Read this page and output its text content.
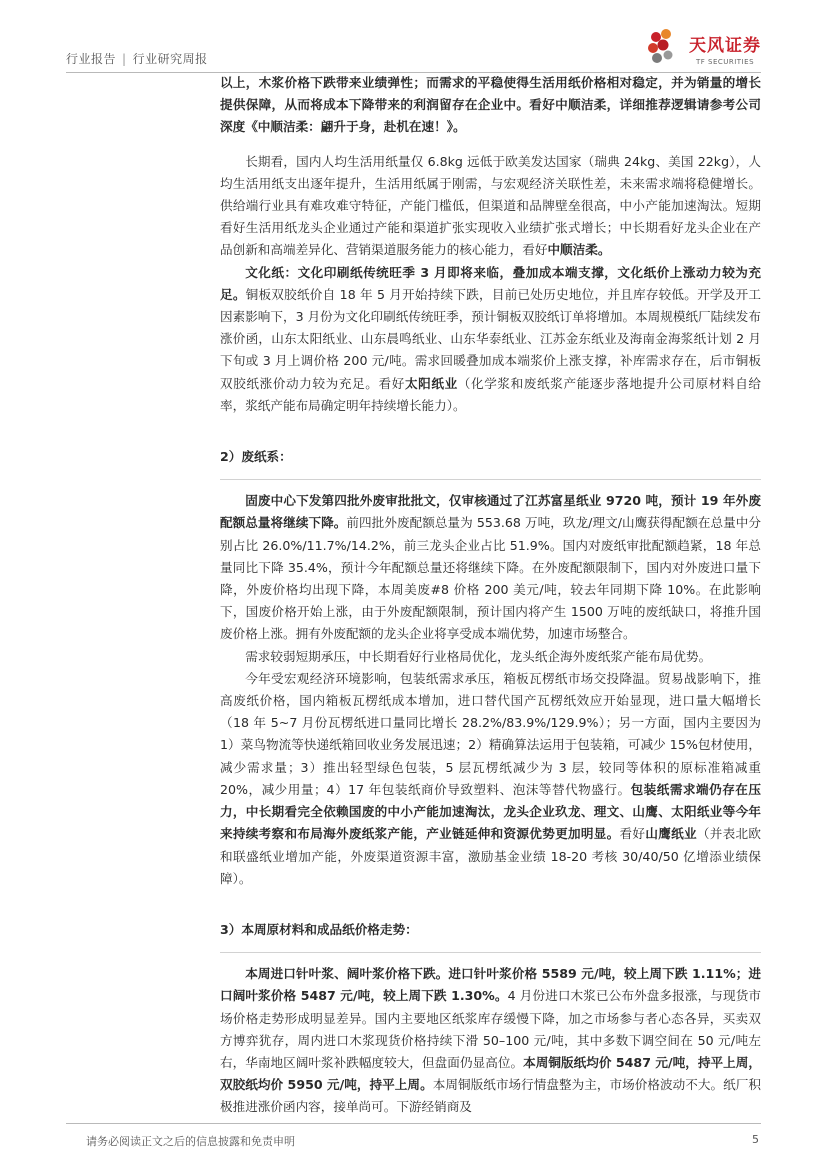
行业报告 | 行业研究周报
天风证券
TF SECURITIES

以上，木浆价格下跌带来业绩弹性；而需求的平稳使得生活用纸价格相对稳定，并为销量的增长提供保障，从而将成本下降带来的利润留存在企业中。看好中顺洁柔，详细推荐逻辑请参考公司深度《中顺洁柔：翩升于身，赴机在速！》。

长期看，国内人均生活用纸量仅 6.8kg 远低于欧美发达国家（瑞典 24kg、美国 22kg），人均生活用纸支出逐年提升，生活用纸属于刚需，与宏观经济关联性差，未来需求端将稳健增长。供给端行业具有难攻难守特征，产能门槛低，但渠道和品牌壁垒很高，中小产能加速淘汰。短期看好生活用纸龙头企业通过产能和渠道扩张实现收入业绩扩张式增长；中长期看好龙头企业在产品创新和高端差异化、营销渠道服务能力的核心能力，看好中顺洁柔。

文化纸：文化印刷纸传统旺季 3 月即将来临，叠加成本端支撑，文化纸价上涨动力较为充足。铜板双胶纸价自 18 年 5 月开始持续下跌，目前已处历史地位，并且库存较低。开学及开工因素影响下，3 月份为文化印刷纸传统旺季，预计铜板双胶纸订单将增加。本周规模纸厂陆续发布涨价函，山东太阳纸业、山东晨鸣纸业、山东华泰纸业、江苏金东纸业及海南金海浆纸计划 2 月下旬或 3 月上调价格 200 元/吨。需求回暖叠加成本端浆价上涨支撑，补库需求存在，后市铜板双胶纸涨价动力较为充足。看好太阳纸业（化学浆和废纸浆产能逐步落地提升公司原材料自给率，浆纸产能布局确定明年持续增长能力）。

2）废纸系：

固废中心下发第四批外废审批批文，仅审核通过了江苏富星纸业 9720 吨，预计 19 年外废配额总量将继续下降。前四批外废配额总量为 553.68 万吨，玖龙/理文/山鹰获得配额在总量中分别占比 26.0%/11.7%/14.2%，前三龙头企业占比 51.9%。国内对废纸审批配额趋紧，18 年总量同比下降 35.4%，预计今年配额总量还将继续下降。在外废配额限制下，国内对外废进口量下降，外废价格均出现下降，本周美废#8 价格 200 美元/吨，较去年同期下降 10%。在此影响下，国废价格开始上涨，由于外废配额限制，预计国内将产生 1500 万吨的废纸缺口，将推升国废价格上涨。拥有外废配额的龙头企业将享受成本端优势，加速市场整合。

需求较弱短期承压，中长期看好行业格局优化，龙头纸企海外废纸浆产能布局优势。

今年受宏观经济环境影响，包装纸需求承压，箱板瓦楞纸市场交投降温。贸易战影响下，推高废纸价格，国内箱板瓦楞纸成本增加，进口替代国产瓦楞纸效应开始显现，进口量大幅增长（18 年 5~7 月份瓦楞纸进口量同比增长 28.2%/83.9%/129.9%）；另一方面，国内主要因为 1）菜鸟物流等快递纸箱回收业务发展迅速；2）精确算法运用于包装箱，可减少 15%包材使用，减少需求量；3）推出轻型绿色包装，5 层瓦楞纸减少为 3 层，较同等体积的原标准箱减重 20%，减少用量；4）17 年包装纸商价导致塑料、泡沫等替代物盛行。包装纸需求端仍存在压力，中长期看完全依赖国废的中小产能加速淘汰，龙头企业玖龙、理文、山鹰、太阳纸业等今年来持续考察和布局海外废纸浆产能，产业链延伸和资源优势更加明显。看好山鹰纸业（并表北欧和联盛纸业增加产能，外废渠道资源丰富，激励基金业绩 18-20 考核 30/40/50 亿增添业绩保障）。

3）本周原材料和成品纸价格走势：

本周进口针叶浆、阔叶浆价格下跌。进口针叶浆价格 5589 元/吨，较上周下跌 1.11%；进口阔叶浆价格 5487 元/吨，较上周下跌 1.30%。4 月份进口木浆已公布外盘多报涨，与现货市场价格走势形成明显差异。国内主要地区纸浆库存缓慢下降，加之市场参与者心态各异，买卖双方博弈犹存，周内进口木浆现货价格持续下滑 50–100 元/吨，其中多数下调空间在 50 元/吨左右，华南地区阔叶浆补跌幅度较大，但盘面仍显高位。本周铜版纸均价 5487 元/吨，持平上周，双胶纸均价 5950 元/吨，持平上周。本周铜版纸市场行情盘整为主，市场价格波动不大。纸厂积极推进涨价函内容，接单尚可。下游经销商及

请务必阅读正文之后的信息披露和免责申明	5
